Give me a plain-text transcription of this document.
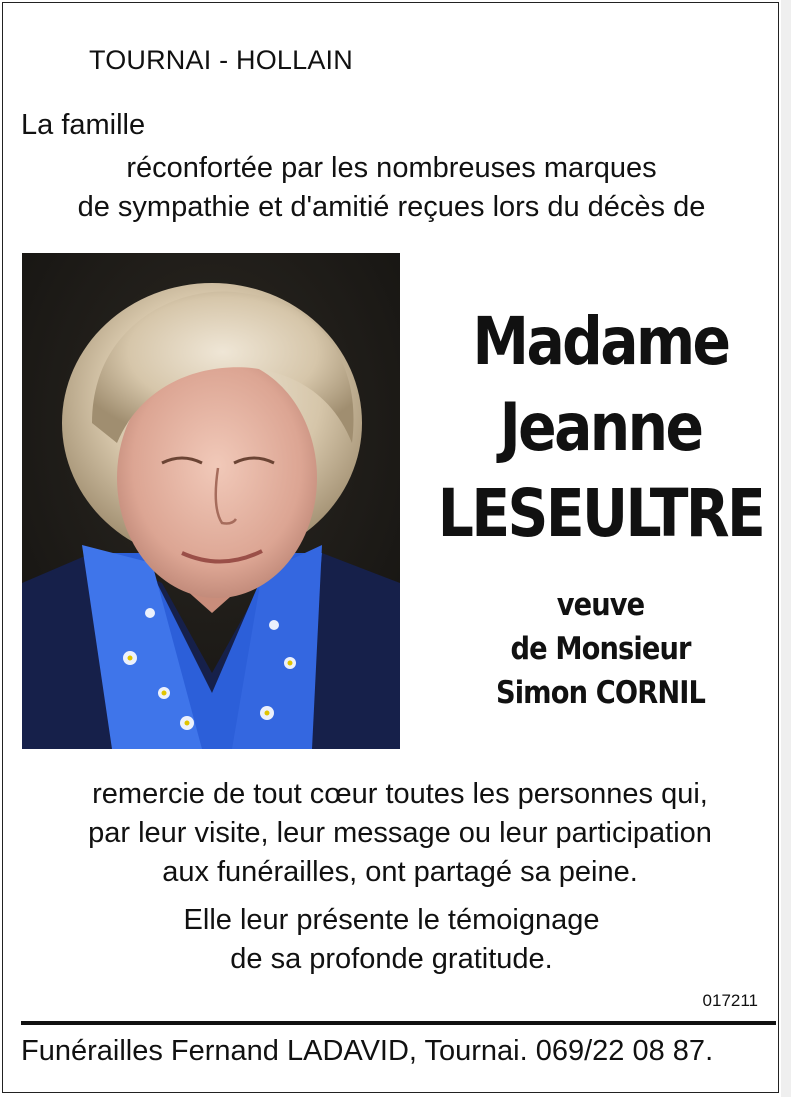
TOURNAI - HOLLAIN
La famille
réconfortée par les nombreuses marques
de sympathie et d'amitié reçues lors du décès de
Madame
Jeanne
LESEULTRE
veuve
de Monsieur
Simon CORNIL
remercie de tout cœur toutes les personnes qui,
par leur visite, leur message ou leur participation
aux funérailles, ont partagé sa peine.
Elle leur présente le témoignage
de sa profonde gratitude.
017211
Funérailles Fernand LADAVID, Tournai. 069/22 08 87.
